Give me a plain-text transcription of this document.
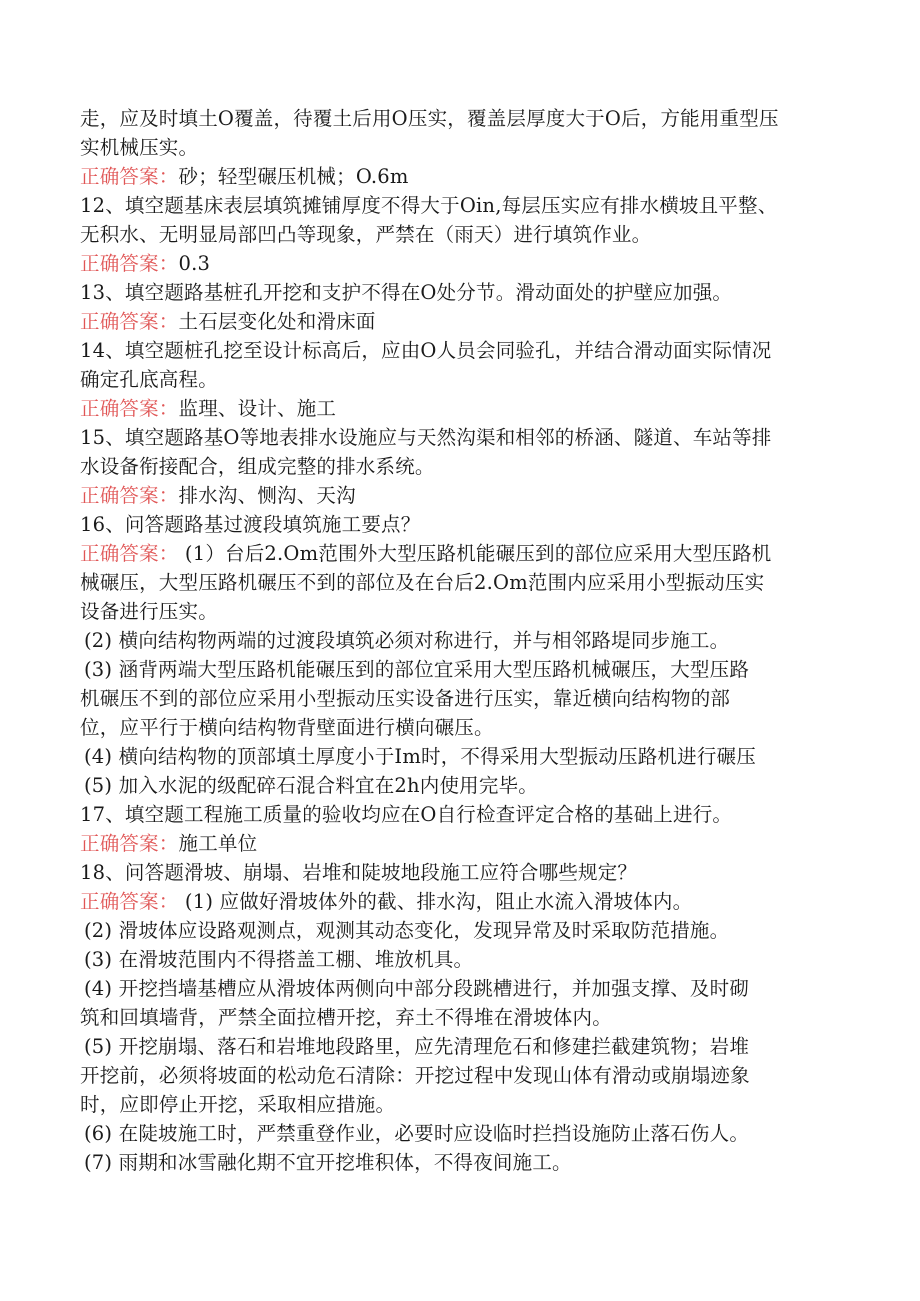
走，应及时填土O覆盖，待覆土后用O压实，覆盖层厚度大于O后，方能用重型压
实机械压实。
正确答案：砂；轻型碾压机械；O.6m
12、填空题基床表层填筑摊铺厚度不得大于Oin,每层压实应有排水横坡且平整、
无积水、无明显局部凹凸等现象，严禁在（雨天）进行填筑作业。
正确答案：0.3
13、填空题路基桩孔开挖和支护不得在O处分节。滑动面处的护壁应加强。
正确答案：土石层变化处和滑床面
14、填空题桩孔挖至设计标高后，应由O人员会同验孔，并结合滑动面实际情况
确定孔底高程。
正确答案：监理、设计、施工
15、填空题路基O等地表排水设施应与天然沟渠和相邻的桥涵、隧道、车站等排
水设备衔接配合，组成完整的排水系统。
正确答案：排水沟、恻沟、天沟
16、问答题路基过渡段填筑施工要点？
正确答案： (1）台后2.Om范围外大型压路机能碾压到的部位应采用大型压路机
械碾压，大型压路机碾压不到的部位及在台后2.Om范围内应采用小型振动压实
设备进行压实。
(2) 横向结构物两端的过渡段填筑必须对称进行，并与相邻路堤同步施工。
(3) 涵背两端大型压路机能碾压到的部位宜采用大型压路机械碾压，大型压路
机碾压不到的部位应采用小型振动压实设备进行压实，靠近横向结构物的部
位，应平行于横向结构物背壁面进行横向碾压。
(4) 横向结构物的顶部填土厚度小于Im时，不得采用大型振动压路机进行碾压
(5) 加入水泥的级配碎石混合料宜在2h内使用完毕。
17、填空题工程施工质量的验收均应在O自行检查评定合格的基础上进行。
正确答案：施工单位
18、问答题滑坡、崩塌、岩堆和陡坡地段施工应符合哪些规定？
正确答案： (1) 应做好滑坡体外的截、排水沟，阻止水流入滑坡体内。
(2) 滑坡体应设路观测点，观测其动态变化，发现异常及时采取防范措施。
(3) 在滑坡范围内不得搭盖工棚、堆放机具。
(4) 开挖挡墙基槽应从滑坡体两侧向中部分段跳槽进行，并加强支撑、及时砌
筑和回填墙背，严禁全面拉槽开挖，弃土不得堆在滑坡体内。
(5) 开挖崩塌、落石和岩堆地段路里，应先清理危石和修建拦截建筑物；岩堆
开挖前，必须将坡面的松动危石清除：开挖过程中发现山体有滑动或崩塌迹象
时，应即停止开挖，采取相应措施。
(6) 在陡坡施工时，严禁重登作业，必要时应设临时拦挡设施防止落石伤人。
(7) 雨期和冰雪融化期不宜开挖堆积体，不得夜间施工。
